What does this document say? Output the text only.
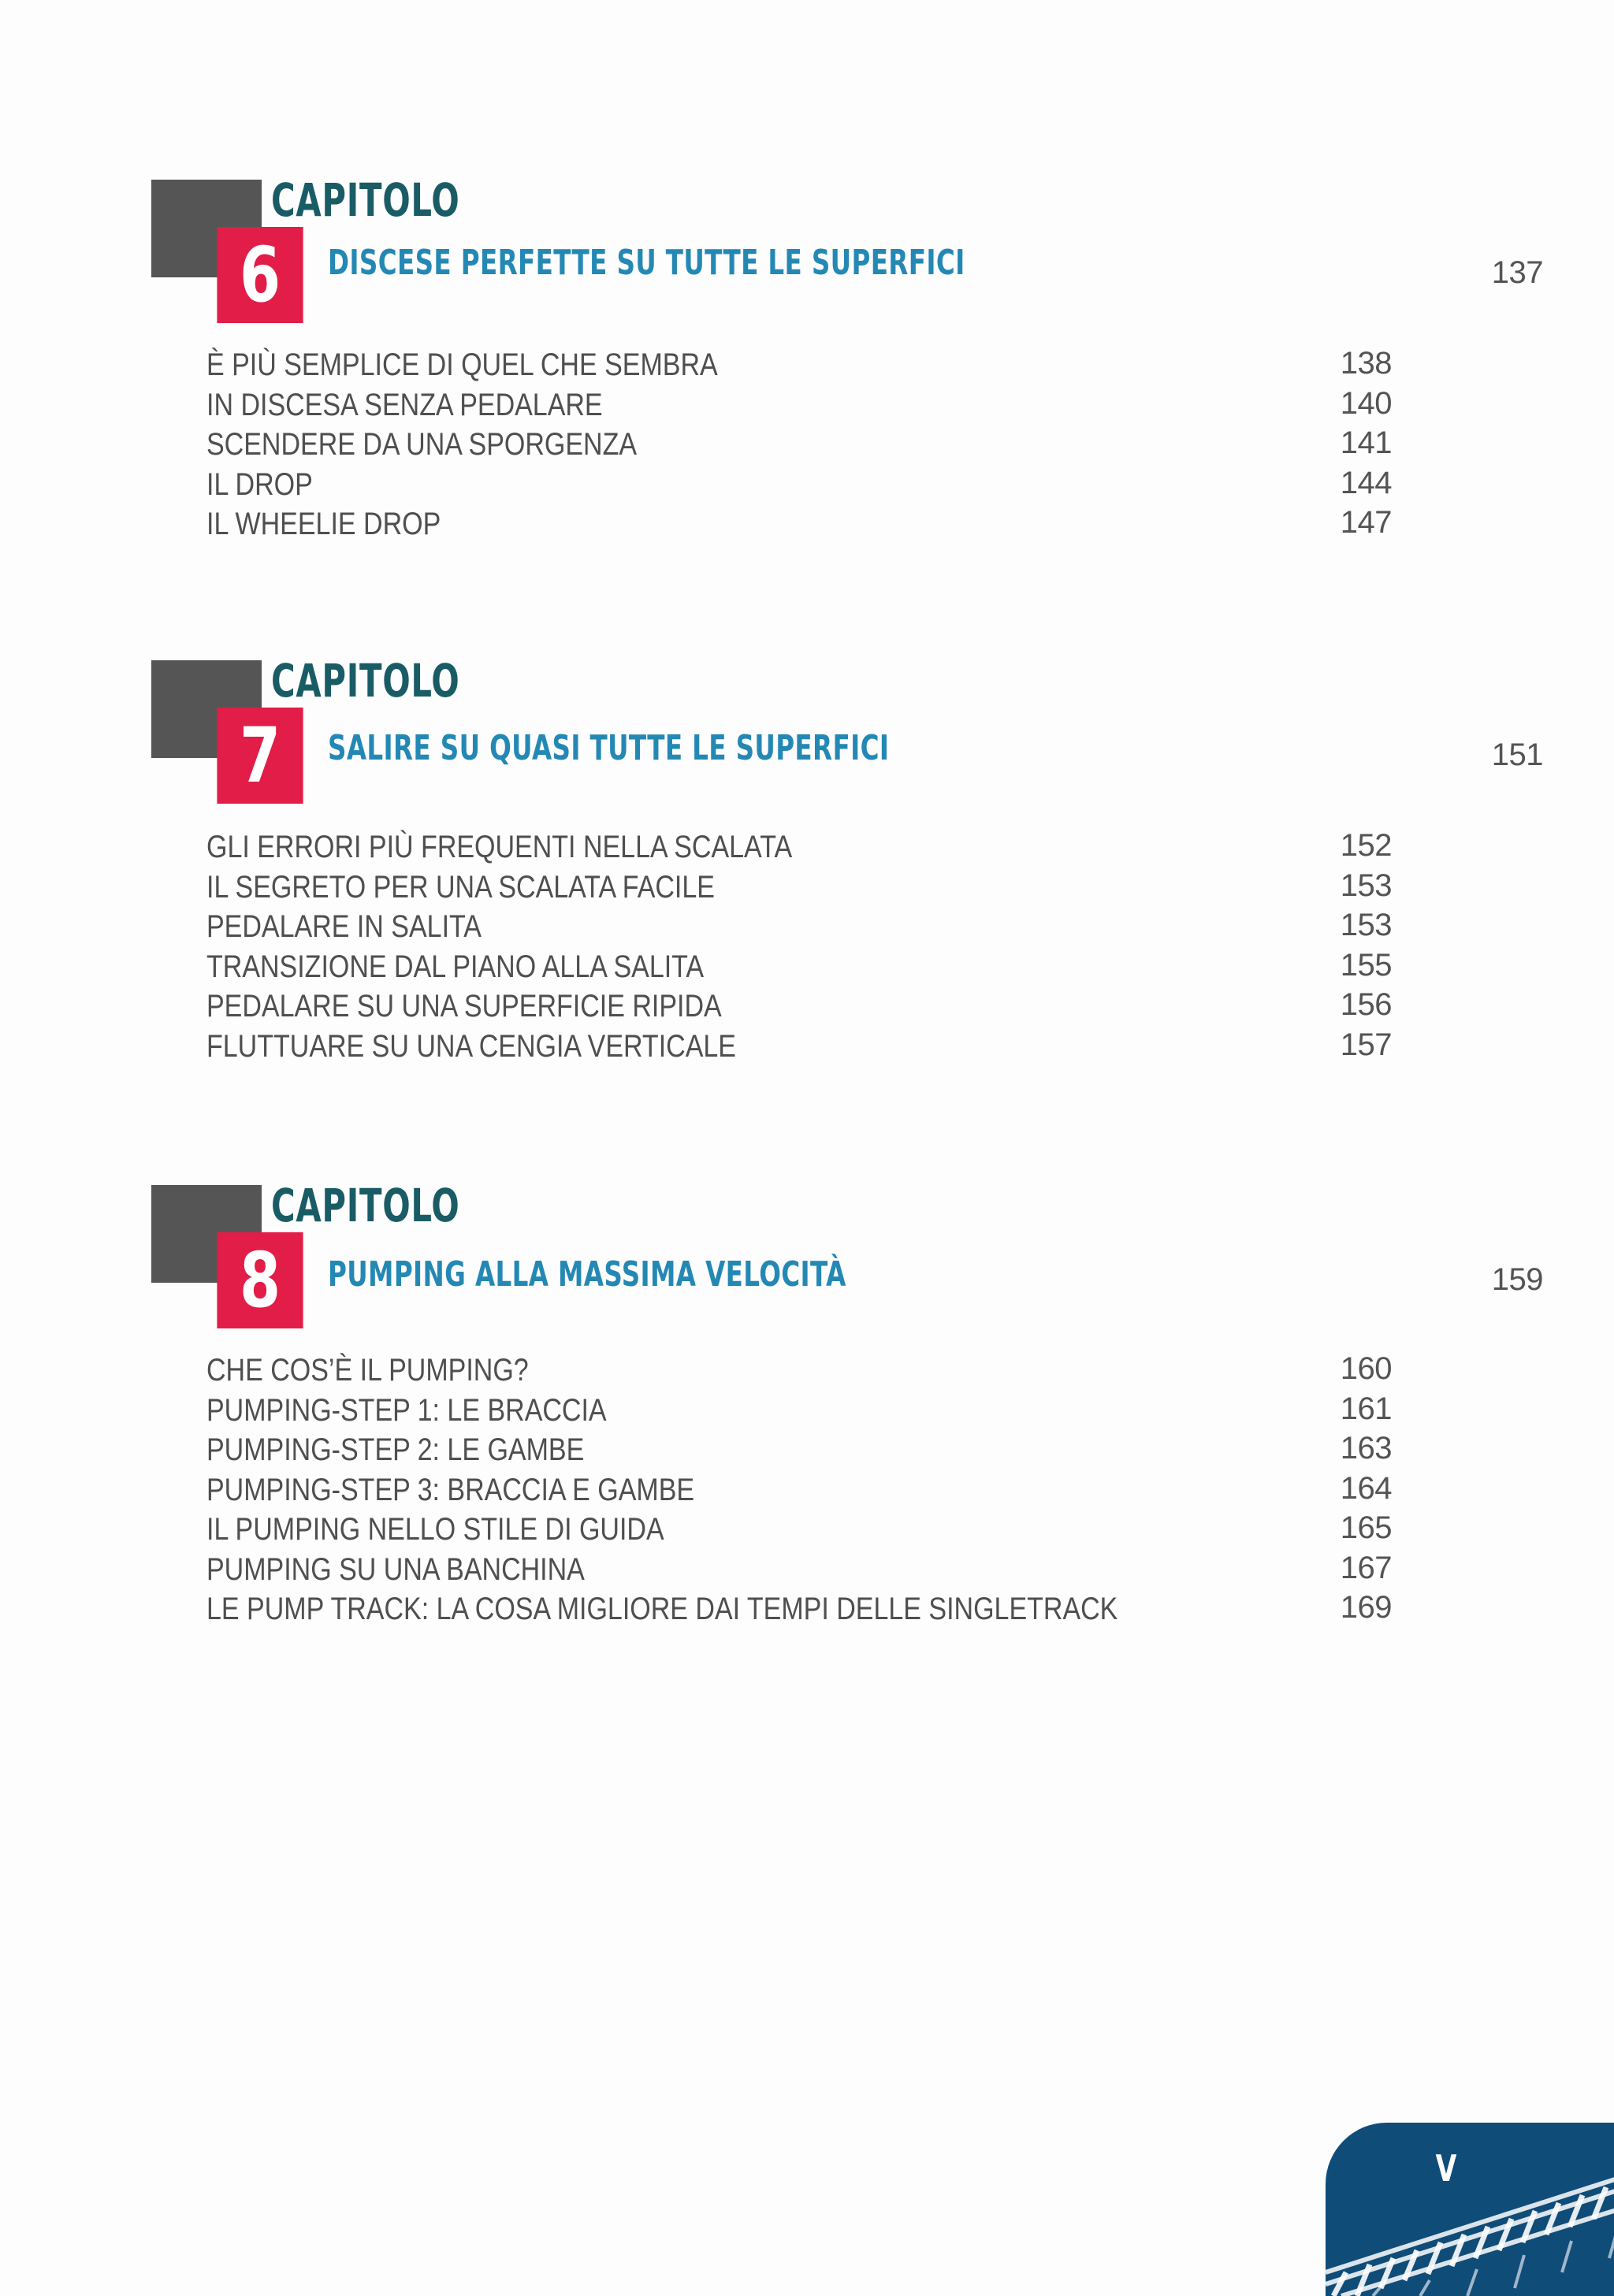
6
CAPITOLO
DISCESE PERFETTE SU TUTTE LE SUPERFICI	137
È PIÙ SEMPLICE DI QUEL CHE SEMBRA	138
IN DISCESA SENZA PEDALARE	140
SCENDERE DA UNA SPORGENZA	141
IL DROP	144
IL WHEELIE DROP	147
7
CAPITOLO
SALIRE SU QUASI TUTTE LE SUPERFICI	151
GLI ERRORI PIÙ FREQUENTI NELLA SCALATA	152
IL SEGRETO PER UNA SCALATA FACILE	153
PEDALARE IN SALITA	153
TRANSIZIONE DAL PIANO ALLA SALITA	155
PEDALARE SU UNA SUPERFICIE RIPIDA	156
FLUTTUARE SU UNA CENGIA VERTICALE	157
8
CAPITOLO
PUMPING ALLA MASSIMA VELOCITÀ	159
CHE COS’È IL PUMPING?	160
PUMPING-STEP 1: LE BRACCIA	161
PUMPING-STEP 2: LE GAMBE	163
PUMPING-STEP 3: BRACCIA E GAMBE	164
IL PUMPING NELLO STILE DI GUIDA	165
PUMPING SU UNA BANCHINA	167
LE PUMP TRACK: LA COSA MIGLIORE DAI TEMPI DELLE SINGLETRACK	169
V
